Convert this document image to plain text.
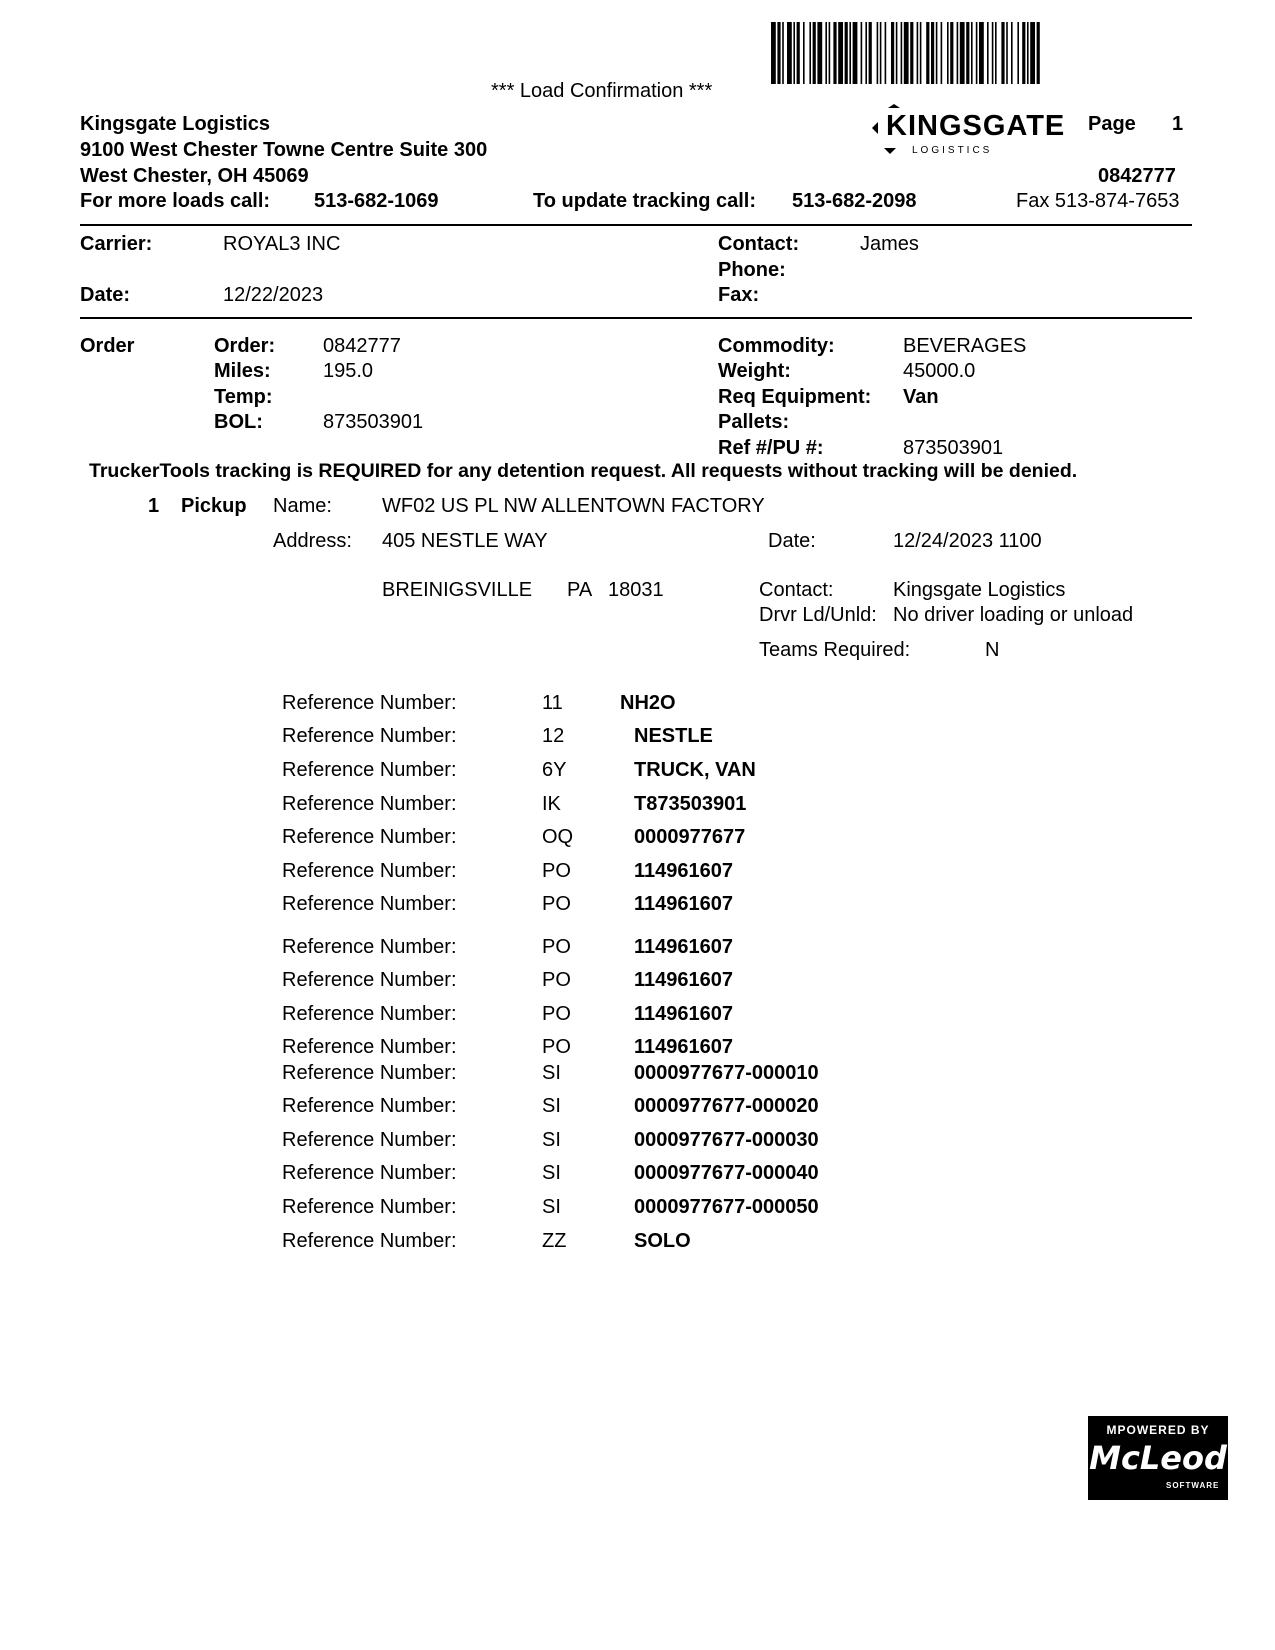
*** Load Confirmation ***
Kingsgate Logistics
9100 West Chester Towne Centre Suite 300
West Chester, OH 45069
For more loads call: 513-682-1069	To update tracking call: 513-682-2098
KINGSGATE
LOGISTICS
Page 1
0842777
Fax 513-874-7653
Carrier:	ROYAL3 INC
Date:	12/22/2023
Contact:	James
Phone:
Fax:
Order	Order: 0842777
Miles:	195.0
Temp:
BOL:	873503901
Commodity:	BEVERAGES
Weight:	45000.0
Req Equipment: Van
Pallets:
Ref #/PU #:	873503901
TruckerTools tracking is REQUIRED for any detention request. All requests without tracking will be denied.
1 Pickup Name:	WF02 US PL NW ALLENTOWN FACTORY
Address: 405 NESTLE WAY
BREINIGSVILLE PA 18031
Date:	12/24/2023 1100
Contact:	Kingsgate Logistics
Drvr Ld/Unld: No driver loading or unload
Teams Required:	N
Reference Number:	11	NH2O
Reference Number:	12	NESTLE
Reference Number:	6Y	TRUCK, VAN
Reference Number:	IK	T873503901
Reference Number:	OQ	0000977677
Reference Number:	PO	114961607
Reference Number:	PO	114961607
Reference Number:	PO	114961607
Reference Number:	PO	114961607
Reference Number:	PO	114961607
Reference Number:	PO	114961607
Reference Number:	SI	0000977677-000010
Reference Number:	SI	0000977677-000020
Reference Number:	SI	0000977677-000030
Reference Number:	SI	0000977677-000040
Reference Number:	SI	0000977677-000050
Reference Number:	ZZ	SOLO
MPOWERED BY
McLeod
SOFTWARE
